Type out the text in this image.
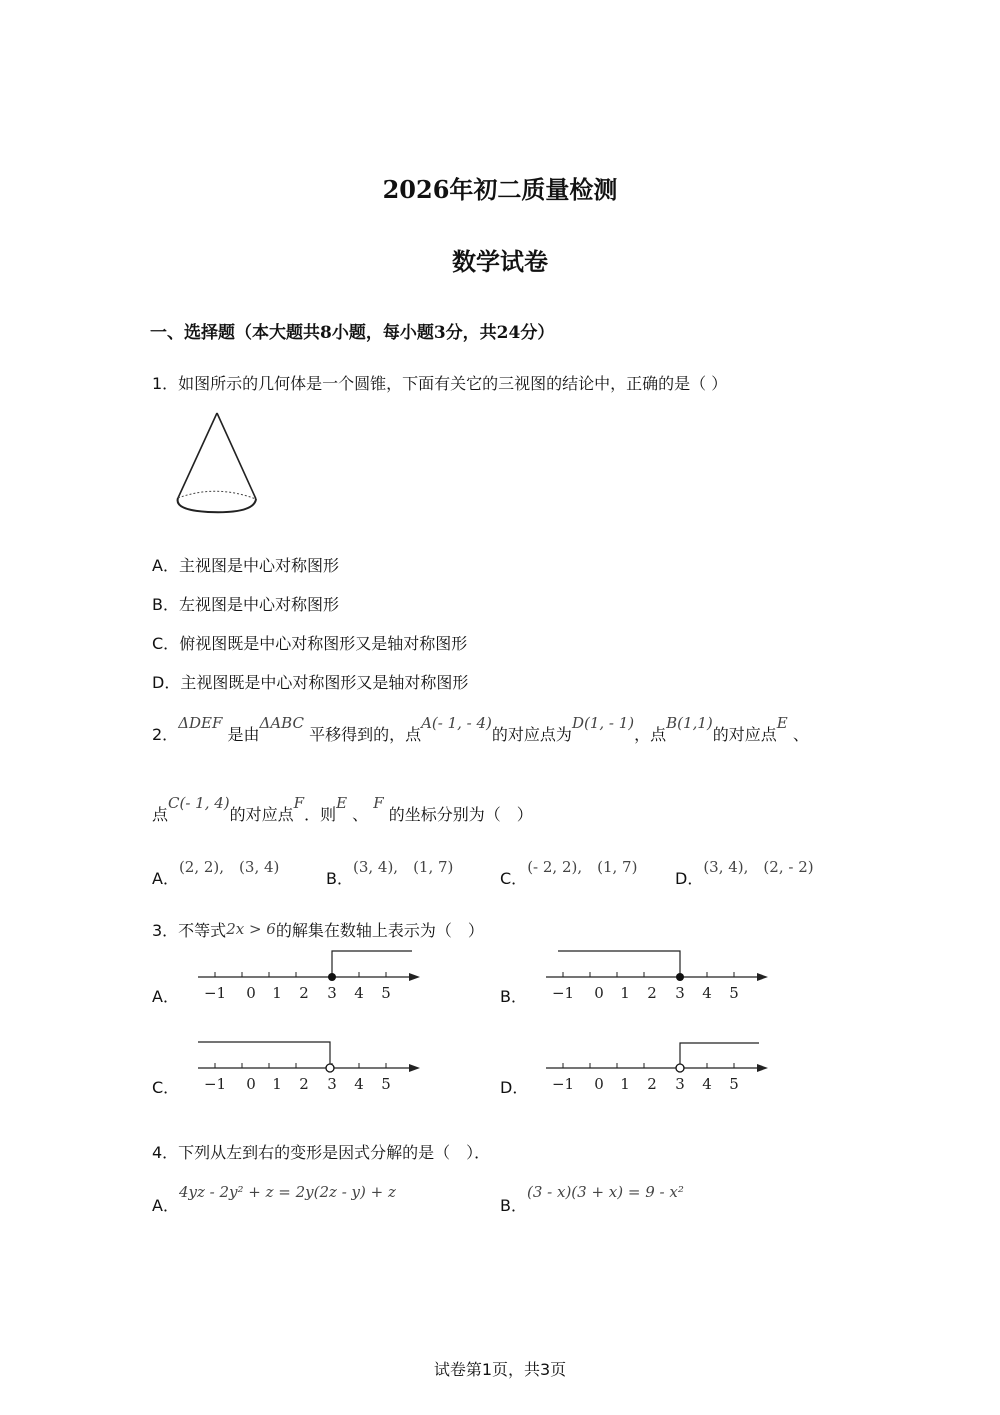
2026年初二质量检测
数学试卷
一、选择题（本大题共8小题，每小题3分，共24分）
1．如图所示的几何体是一个圆锥，下面有关它的三视图的结论中，正确的是（ ）
A．主视图是中心对称图形
B．左视图是中心对称图形
C．俯视图既是中心对称图形又是轴对称图形
D．主视图既是中心对称图形又是轴对称图形
2．ΔDEF 是由ΔABC 平移得到的，点A(- 1, - 4)的对应点为D(1, - 1)，点B(1,1)的对应点E 、
点C(- 1, 4)的对应点F．则E 、 F 的坐标分别为（　）
A．(2, 2),　(3, 4)
B．(3, 4),　(1, 7)
C．(- 2, 2),　(1, 7)
D．(3, 4),　(2, - 2)
3．不等式2x > 6的解集在数轴上表示为（　）
A．	B．
C．	D．
−1 0 1 2 3 4 5	−1 0 1 2 3 4 5
−1 0 1 2 3 4 5	−1 0 1 2 3 4 5
4．下列从左到右的变形是因式分解的是（　）．
A．4yz - 2y² + z = 2y(2z - y) + z
B．(3 - x)(3 + x) = 9 - x²
试卷第1页，共3页
